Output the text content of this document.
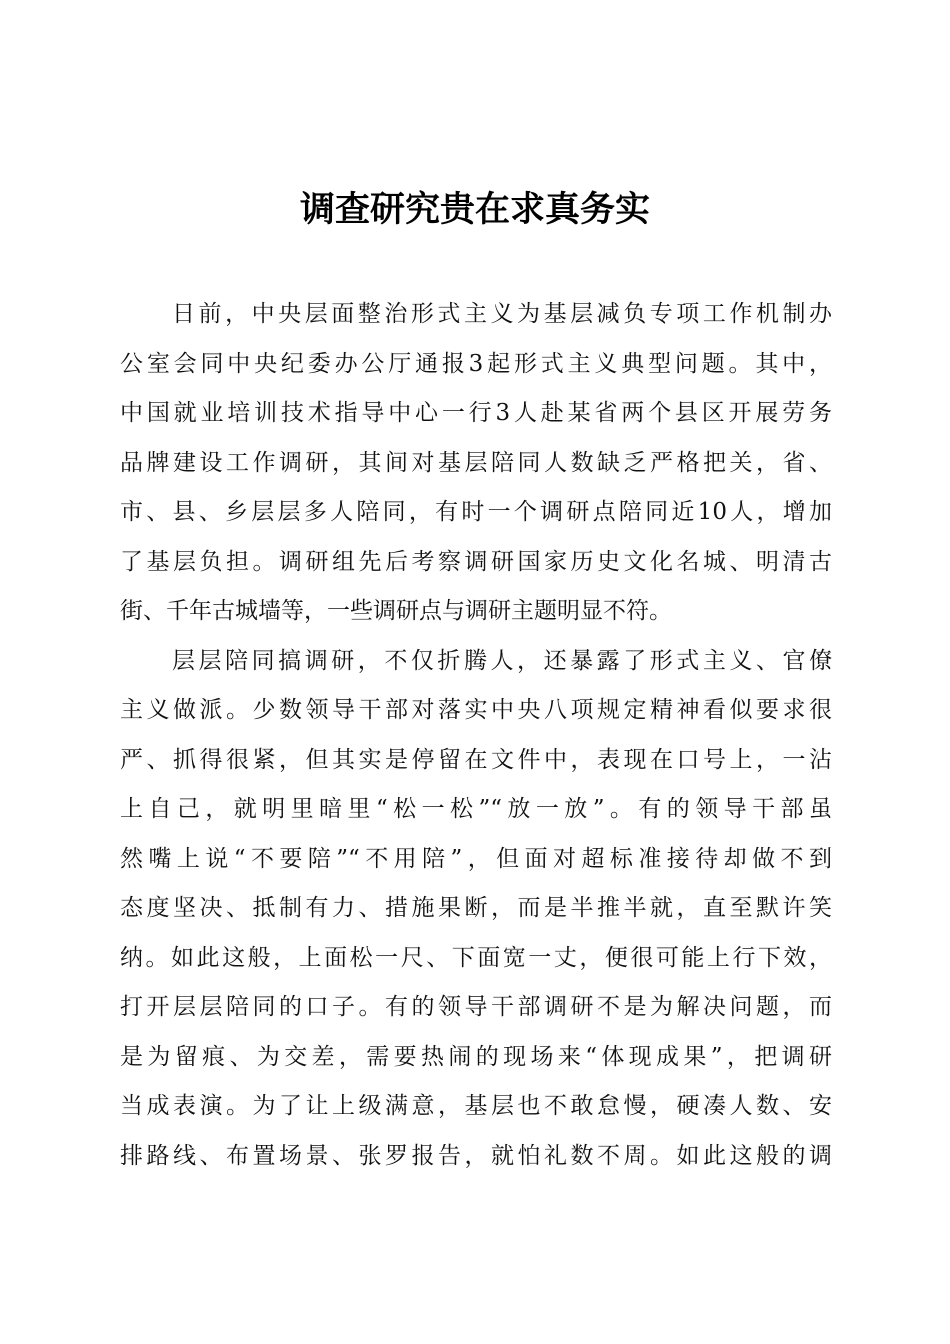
调查研究贵在求真务实
日前，中央层面整治形式主义为基层减负专项工作机制办
公室会同中央纪委办公厅通报3起形式主义典型问题。其中，
中国就业培训技术指导中心一行3人赴某省两个县区开展劳务
品牌建设工作调研，其间对基层陪同人数缺乏严格把关，省、
市、县、乡层层多人陪同，有时一个调研点陪同近10人，增加
了基层负担。调研组先后考察调研国家历史文化名城、明清古
街、千年古城墙等，一些调研点与调研主题明显不符。
层层陪同搞调研，不仅折腾人，还暴露了形式主义、官僚
主义做派。少数领导干部对落实中央八项规定精神看似要求很
严、抓得很紧，但其实是停留在文件中，表现在口号上，一沾
上自己，就明里暗里“松一松”“放一放”。有的领导干部虽
然嘴上说“不要陪”“不用陪”，但面对超标准接待却做不到
态度坚决、抵制有力、措施果断，而是半推半就，直至默许笑
纳。如此这般，上面松一尺、下面宽一丈，便很可能上行下效，
打开层层陪同的口子。有的领导干部调研不是为解决问题，而
是为留痕、为交差，需要热闹的现场来“体现成果”，把调研
当成表演。为了让上级满意，基层也不敢怠慢，硬凑人数、安
排路线、布置场景、张罗报告，就怕礼数不周。如此这般的调
